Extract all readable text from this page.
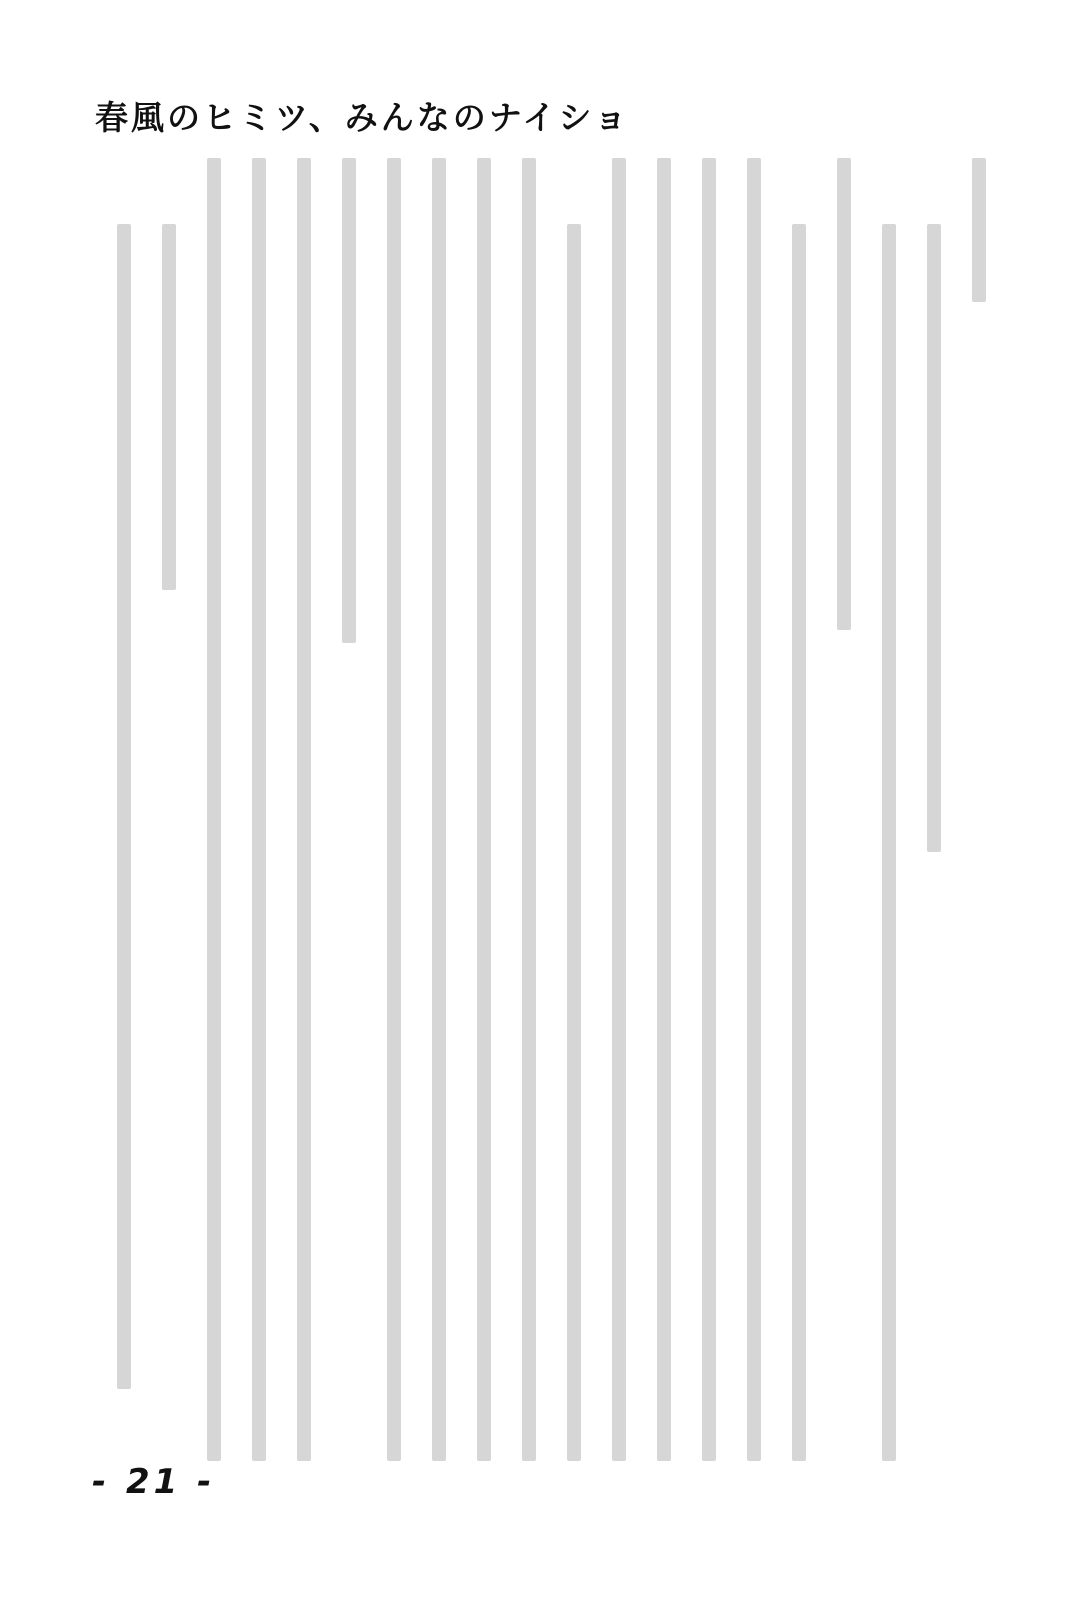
春風のヒミツ、みんなのナイショ
- 21 -
